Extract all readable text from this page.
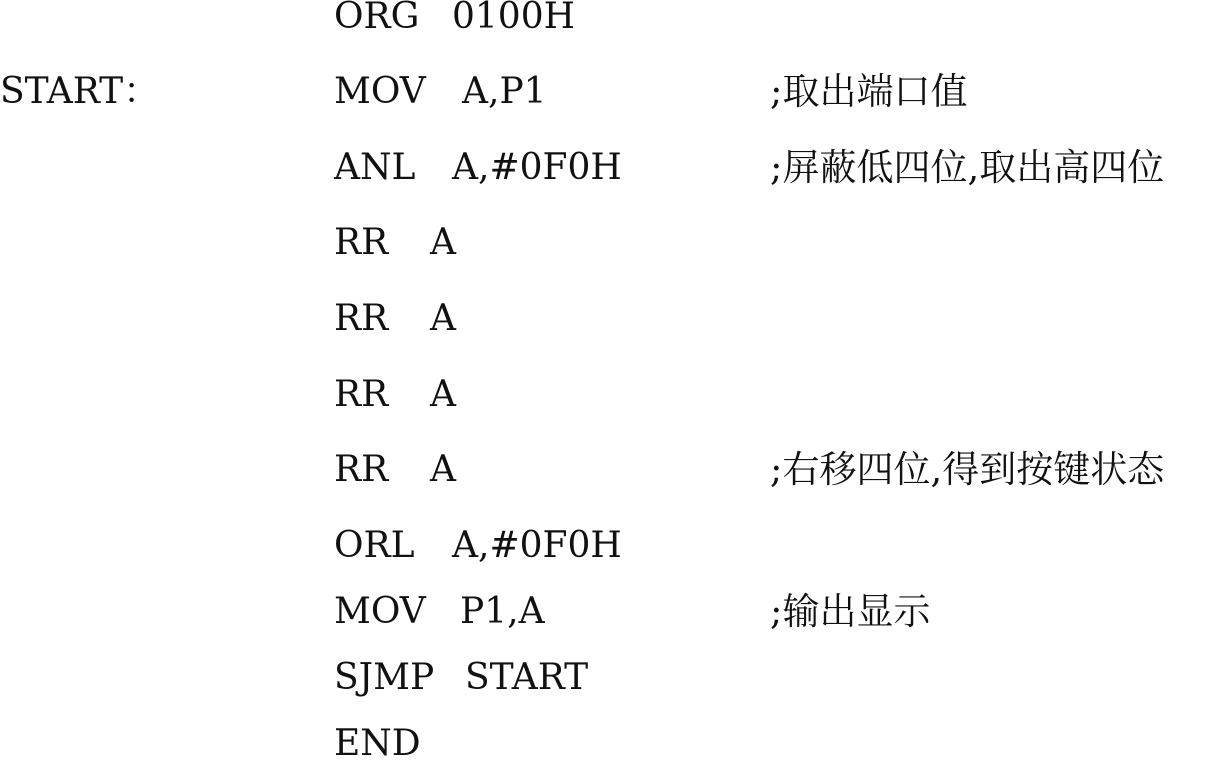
ORG 0100H
START：	MOV A,P1	;取出端口值
ANL A,#0F0H	;屏蔽低四位,取出高四位
RR A
RR A
RR A
RR A	;右移四位,得到按键状态
ORL A,#0F0H
MOV P1,A	;输出显示
SJMP START
END
